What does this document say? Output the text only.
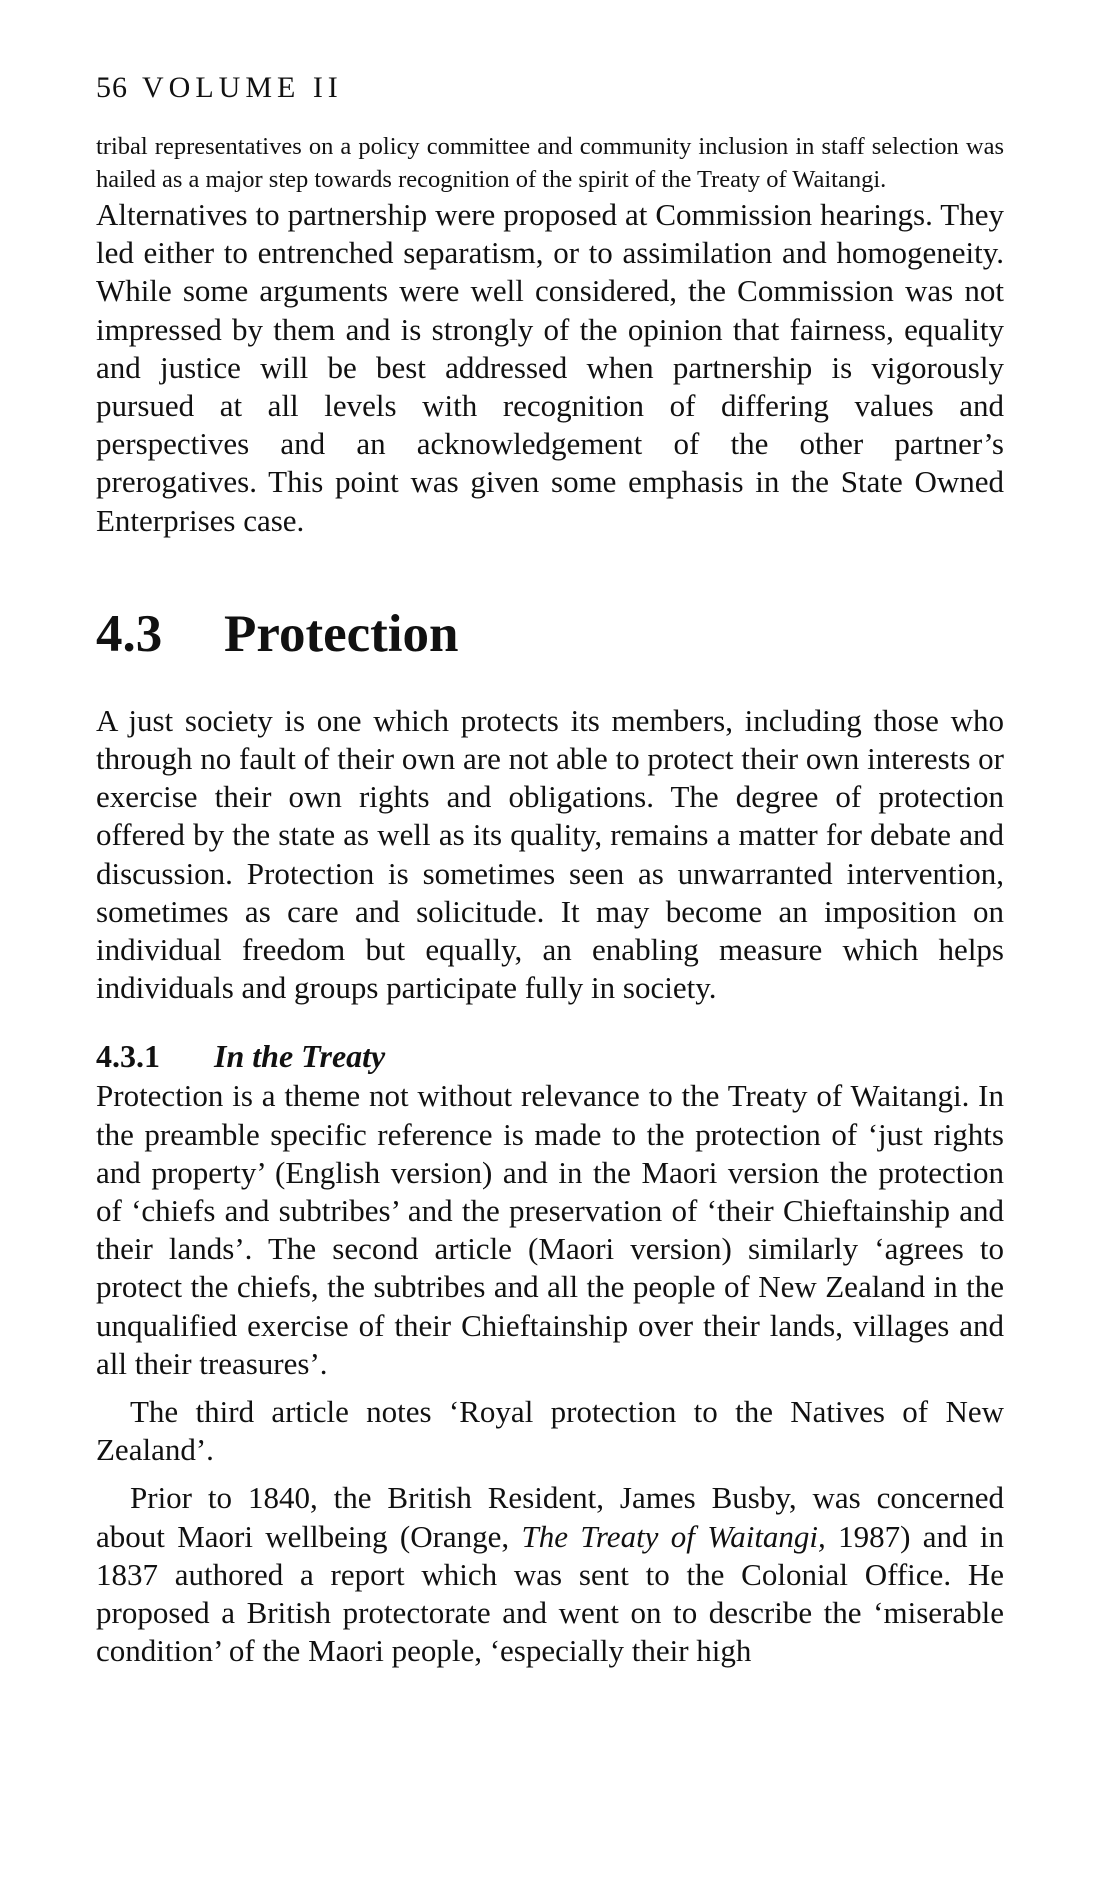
56 VOLUME II

tribal representatives on a policy committee and community inclusion in staff selection was hailed as a major step towards recognition of the spirit of the Treaty of Waitangi.

Alternatives to partnership were proposed at Commission hearings. They led either to entrenched separatism, or to assimilation and homogeneity. While some arguments were well considered, the Commission was not impressed by them and is strongly of the opinion that fairness, equality and justice will be best addressed when partnership is vigorously pursued at all levels with recognition of differing values and perspectives and an acknowledgement of the other partner’s prerogatives. This point was given some emphasis in the State Owned Enterprises case.

4.3	Protection

A just society is one which protects its members, including those who through no fault of their own are not able to protect their own interests or exercise their own rights and obligations. The degree of protection offered by the state as well as its quality, remains a matter for debate and discussion. Protection is sometimes seen as unwarranted intervention, sometimes as care and solicitude. It may become an imposition on individual freedom but equally, an enabling measure which helps individuals and groups participate fully in society.

4.3.1	In the Treaty

Protection is a theme not without relevance to the Treaty of Waitangi. In the preamble specific reference is made to the protection of ‘just rights and property’ (English version) and in the Maori version the protection of ‘chiefs and subtribes’ and the preservation of ‘their Chieftainship and their lands’. The second article (Maori version) similarly ‘agrees to protect the chiefs, the subtribes and all the people of New Zealand in the unqualified exercise of their Chieftainship over their lands, villages and all their treasures’.

The third article notes ‘Royal protection to the Natives of New Zealand’.

Prior to 1840, the British Resident, James Busby, was concerned about Maori wellbeing (Orange, The Treaty of Waitangi, 1987) and in 1837 authored a report which was sent to the Colonial Office. He proposed a British protectorate and went on to describe the ‘miserable condition’ of the Maori people, ‘especially their high
